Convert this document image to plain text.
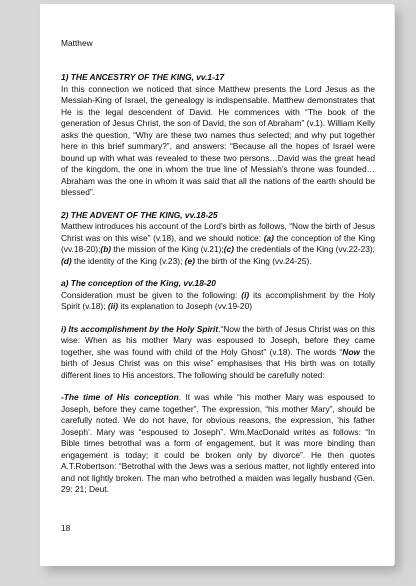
Matthew

1) THE ANCESTRY OF THE KING, vv.1-17

In this connection we noticed that since Matthew presents the Lord Jesus as the Messiah-King of Israel, the genealogy is indispensable. Matthew demonstrates that He is the legal descendent of David. He commences with “The book of the generation of Jesus Christ, the son of David, the son of Abraham” (v.1). William Kelly asks the question, “Why are these two names thus selected; and why put together here in this brief summary?”, and answers: “Because all the hopes of Israel were bound up with what was revealed to these two persons…David was the great head of the kingdom, the one in whom the true line of Messiah’s throne was founded…Abraham was the one in whom it was said that all the nations of the earth should be blessed”.

2) THE ADVENT OF THE KING, vv.18-25

Matthew introduces his account of the Lord’s birth as follows, “Now the birth of Jesus Christ was on this wise” (v.18), and we should notice: (a) the conception of the King (vv.18-20);(b) the mission of the King (v.21);(c) the credentials of the King (vv.22-23); (d) the identity of the King (v.23); (e) the birth of the King (vv.24-25).

a) The conception of the King, vv.18-20

Consideration must be given to the following: (i) its accomplishment by the Holy Spirit (v.18); (ii) its explanation to Joseph (vv.19-20)

i) Its accomplishment by the Holy Spirit.“Now the birth of Jesus Christ was on this wise: When as his mother Mary was espoused to Joseph, before they came together, she was found with child of the Holy Ghost” (v.18). The words “Now the birth of Jesus Christ was on this wise” emphasises that His birth was on totally different lines to His ancestors. The following should be carefully noted:

-The time of His conception. It was while “his mother Mary was espoused to Joseph, before they came together”. The expression, “his mother Mary”, should be carefully noted. We do not have, for obvious reasons, the expression, ‘his father Joseph’. Mary was “espoused to Joseph”. Wm.MacDonald writes as follows: “In Bible times betrothal was a form of engagement, but it was more binding than engagement is today; it could be broken only by divorce”. He then quotes A.T.Robertson: “Betrothal with the Jews was a serious matter, not lightly entered into and not lightly broken. The man who betrothed a maiden was legally husband (Gen. 29: 21; Deut.

18
